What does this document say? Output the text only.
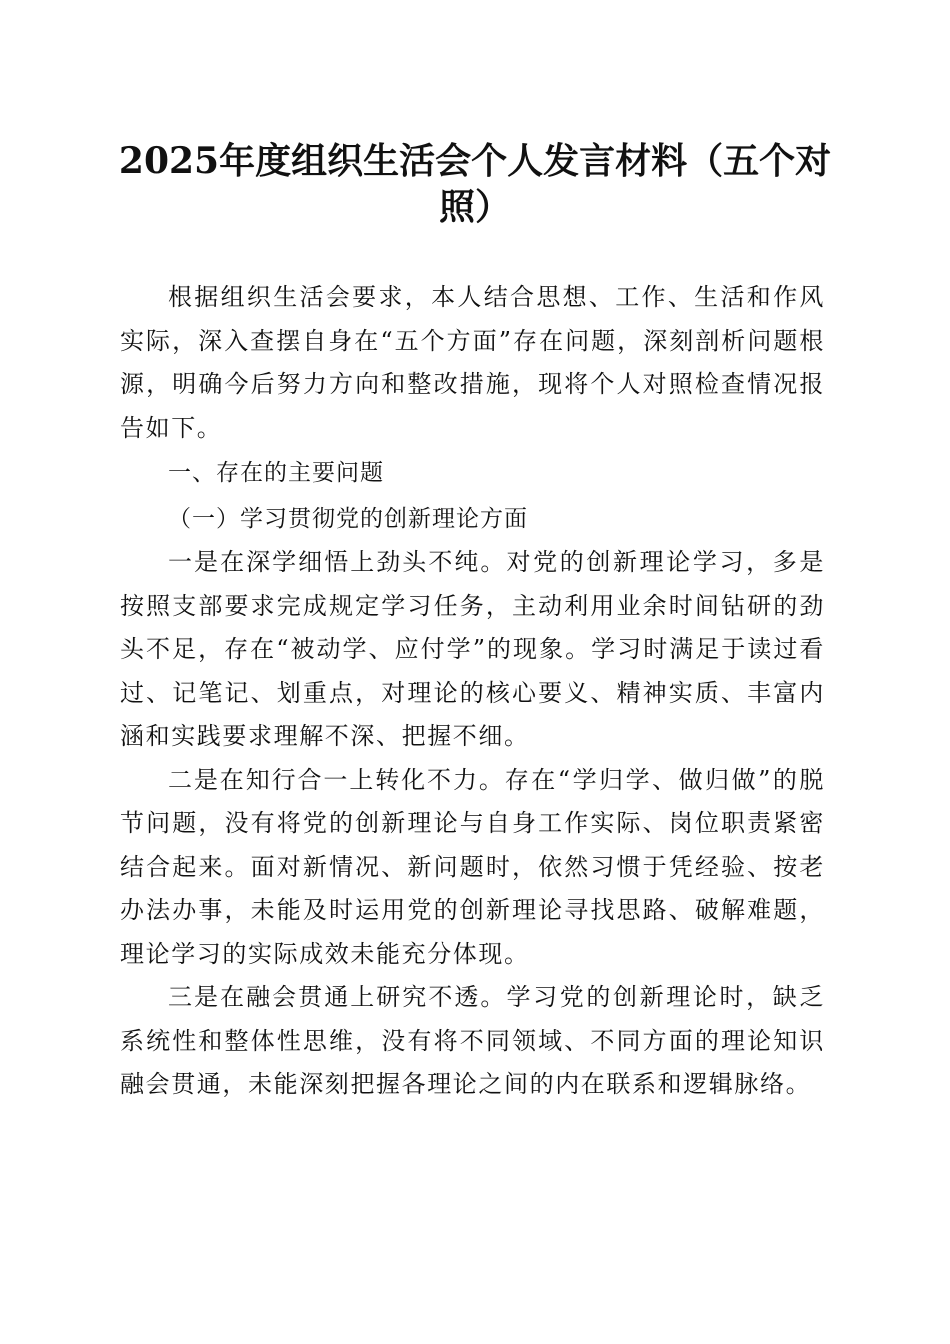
2025年度组织生活会个人发言材料（五个对照）

根据组织生活会要求，本人结合思想、工作、生活和作风实际，深入查摆自身在“五个方面”存在问题，深刻剖析问题根源，明确今后努力方向和整改措施，现将个人对照检查情况报告如下。

一、存在的主要问题

（一）学习贯彻党的创新理论方面

一是在深学细悟上劲头不纯。对党的创新理论学习，多是按照支部要求完成规定学习任务，主动利用业余时间钻研的劲头不足，存在“被动学、应付学”的现象。学习时满足于读过看过、记笔记、划重点，对理论的核心要义、精神实质、丰富内涵和实践要求理解不深、把握不细。

二是在知行合一上转化不力。存在“学归学、做归做”的脱节问题，没有将党的创新理论与自身工作实际、岗位职责紧密结合起来。面对新情况、新问题时，依然习惯于凭经验、按老办法办事，未能及时运用党的创新理论寻找思路、破解难题，理论学习的实际成效未能充分体现。

三是在融会贯通上研究不透。学习党的创新理论时，缺乏系统性和整体性思维，没有将不同领域、不同方面的理论知识融会贯通，未能深刻把握各理论之间的内在联系和逻辑脉络。
